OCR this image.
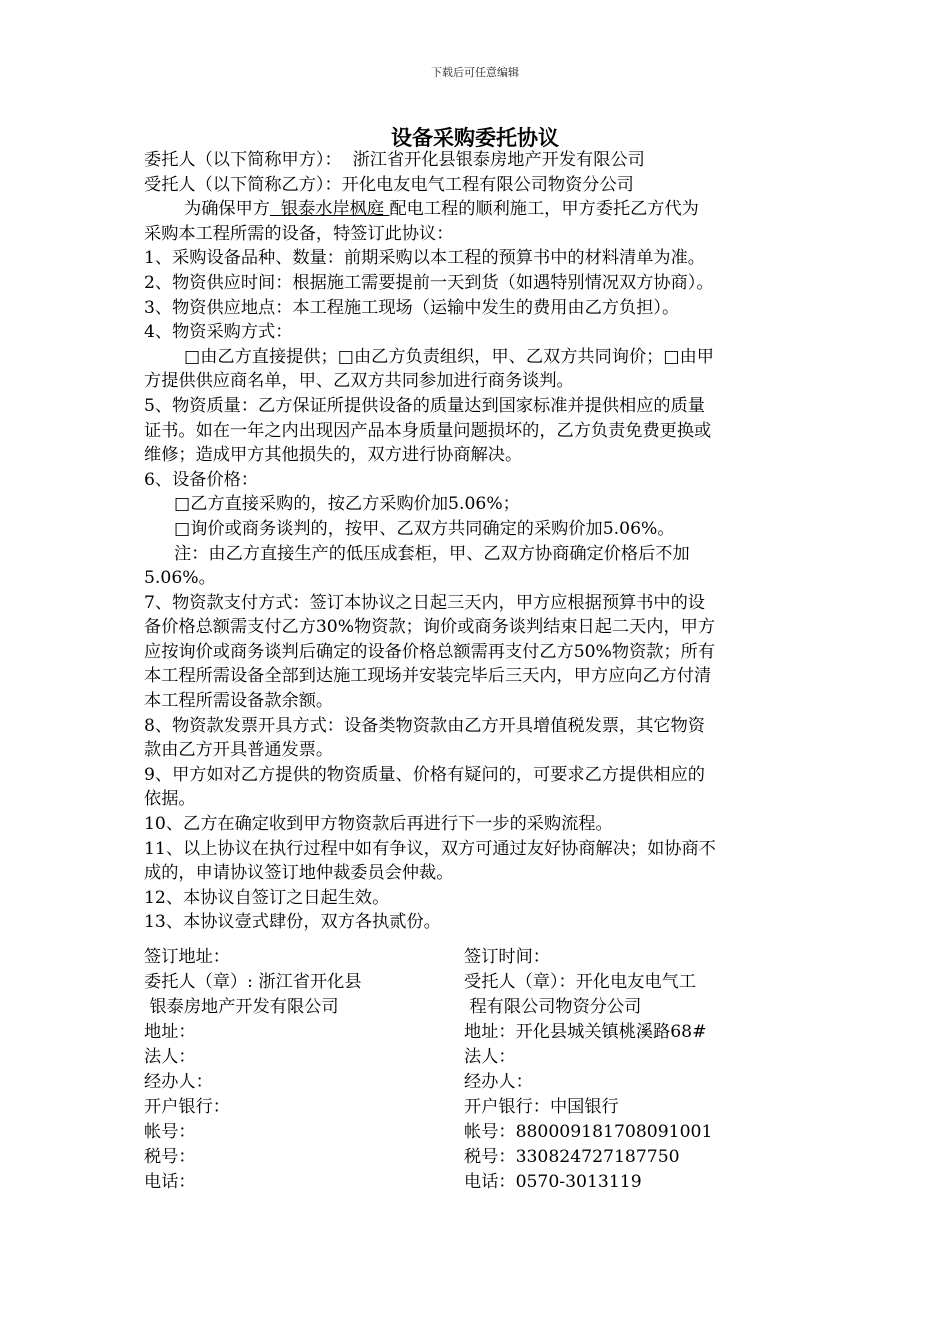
下载后可任意编辑
设备采购委托协议
委托人（以下简称甲方）：  浙江省开化县银泰房地产开发有限公司
受托人（以下简称乙方）：开化电友电气工程有限公司物资分公司
为确保甲方  银泰水岸枫庭 配电工程的顺利施工，甲方委托乙方代为
采购本工程所需的设备，特签订此协议：
1、采购设备品种、数量：前期采购以本工程的预算书中的材料清单为准。
2、物资供应时间：根据施工需要提前一天到货（如遇特别情况双方协商）。
3、物资供应地点：本工程施工现场（运输中发生的费用由乙方负担）。
4、物资采购方式：
□由乙方直接提供；□由乙方负责组织，甲、乙双方共同询价；□由甲
方提供供应商名单，甲、乙双方共同参加进行商务谈判。
5、物资质量：乙方保证所提供设备的质量达到国家标准并提供相应的质量
证书。如在一年之内出现因产品本身质量问题损坏的，乙方负责免费更换或
维修；造成甲方其他损失的，双方进行协商解决。
6、设备价格：
□乙方直接采购的，按乙方采购价加5.06%；
□询价或商务谈判的，按甲、乙双方共同确定的采购价加5.06%。
注：由乙方直接生产的低压成套柜，甲、乙双方协商确定价格后不加
5.06%。
7、物资款支付方式：签订本协议之日起三天内，甲方应根据预算书中的设
备价格总额需支付乙方30%物资款；询价或商务谈判结束日起二天内，甲方
应按询价或商务谈判后确定的设备价格总额需再支付乙方50%物资款；所有
本工程所需设备全部到达施工现场并安装完毕后三天内，甲方应向乙方付清
本工程所需设备款余额。
8、物资款发票开具方式：设备类物资款由乙方开具增值税发票，其它物资
款由乙方开具普通发票。
9、甲方如对乙方提供的物资质量、价格有疑问的，可要求乙方提供相应的
依据。
10、乙方在确定收到甲方物资款后再进行下一步的采购流程。
11、以上协议在执行过程中如有争议，双方可通过友好协商解决；如协商不
成的，申请协议签订地仲裁委员会仲裁。
12、本协议自签订之日起生效。
13、本协议壹式肆份，双方各执贰份。
签订地址：	签订时间：
委托人（章）: 浙江省开化县	受托人（章）：开化电友电气工
银泰房地产开发有限公司	程有限公司物资分公司
地址：	地址：开化县城关镇桃溪路68#
法人：	法人：
经办人：	经办人：
开户银行：	开户银行：中国银行
帐号：	帐号：880009181708091001
税号：	税号：330824727187750
电话：	电话：0570-3013119
